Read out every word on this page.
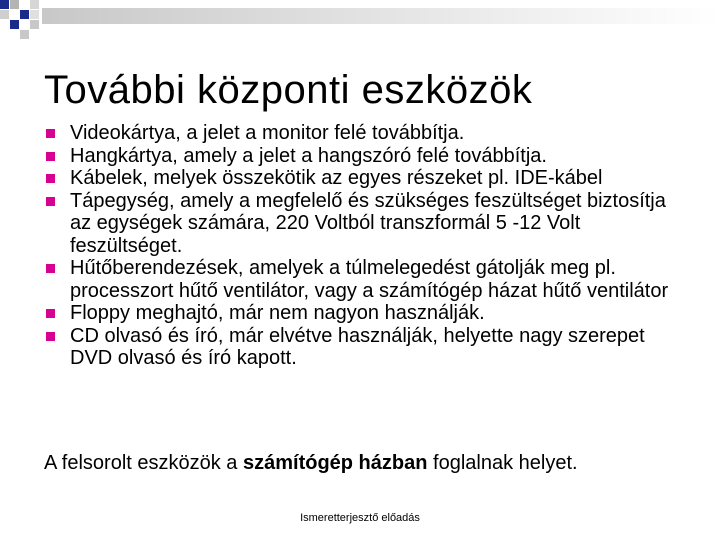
További központi eszközök
Videokártya, a jelet a monitor felé továbbítja.
Hangkártya, amely a jelet a hangszóró felé továbbítja.
Kábelek, melyek összekötik az egyes részeket pl. IDE-kábel
Tápegység, amely a megfelelő és szükséges feszültséget biztosítja az egységek számára, 220 Voltból transzformál 5 -12 Volt feszültséget.
Hűtőberendezések, amelyek a túlmelegedést gátolják meg pl. processzort hűtő ventilátor, vagy a számítógép házat hűtő ventilátor
Floppy meghajtó, már nem nagyon használják.
CD olvasó és író, már elvétve használják, helyette nagy szerepet DVD olvasó és író kapott.

A felsorolt eszközök a számítógép házban foglalnak helyet.

Ismeretterjesztő előadás
